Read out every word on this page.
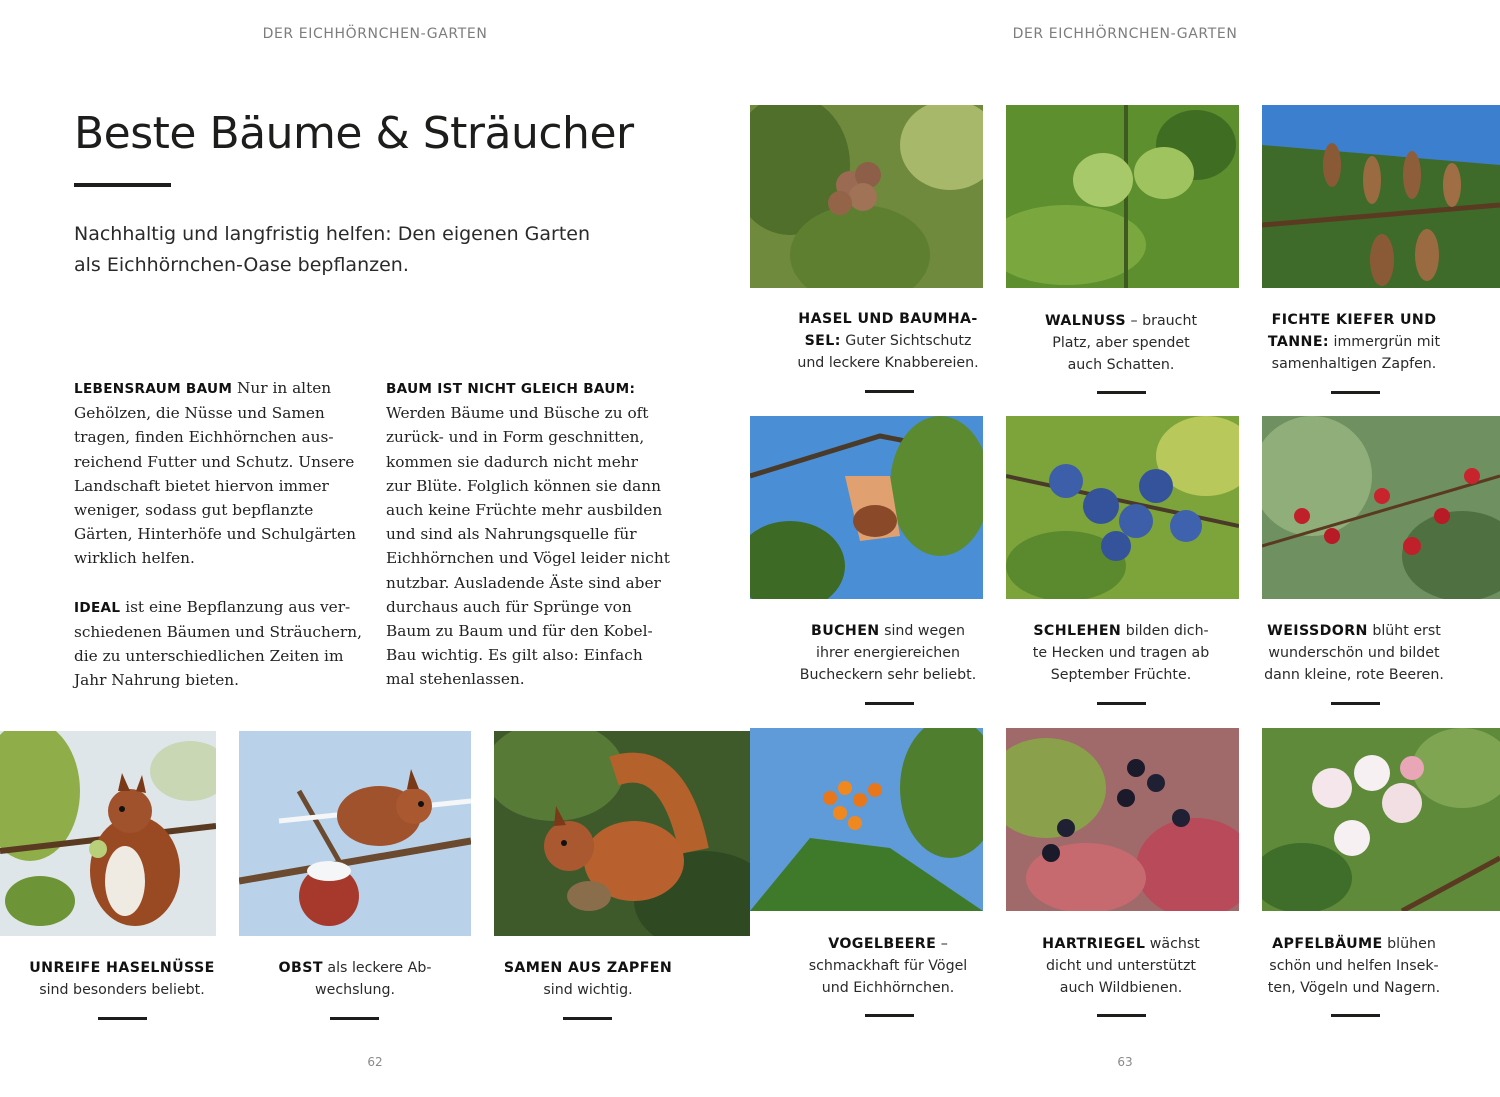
DER EICHHÖRNCHEN-GARTEN	DER EICHHÖRNCHEN-GARTEN
Beste Bäume & Sträucher
Nachhaltig und langfristig helfen: Den eigenen Garten
als Eichhörnchen-Oase bepflanzen.

LEBENSRAUM BAUM Nur in alten
Gehölzen, die Nüsse und Samen
tragen, finden Eichhörnchen aus-
reichend Futter und Schutz. Unsere
Landschaft bietet hiervon immer
weniger, sodass gut bepflanzte
Gärten, Hinterhöfe und Schulgärten
wirklich helfen.

IDEAL ist eine Bepflanzung aus ver-
schiedenen Bäumen und Sträuchern,
die zu unterschiedlichen Zeiten im
Jahr Nahrung bieten.

BAUM IST NICHT GLEICH BAUM:
Werden Bäume und Büsche zu oft
zurück- und in Form geschnitten,
kommen sie dadurch nicht mehr
zur Blüte. Folglich können sie dann
auch keine Früchte mehr ausbilden
und sind als Nahrungsquelle für
Eichhörnchen und Vögel leider nicht
nutzbar. Ausladende Äste sind aber
durchaus auch für Sprünge von
Baum zu Baum und für den Kobel-
Bau wichtig. Es gilt also: Einfach
mal stehenlassen.

UNREIFE HASELNÜSSE
sind besonders beliebt.
OBST als leckere Ab-
wechslung.
SAMEN AUS ZAPFEN
sind wichtig.
62
HASEL UND BAUMHA-
SEL: Guter Sichtschutz
und leckere Knabbereien.
WALNUSS – braucht
Platz, aber spendet
auch Schatten.
FICHTE KIEFER UND
TANNE: immergrün mit
samenhaltigen Zapfen.
BUCHEN sind wegen
ihrer energiereichen
Bucheckern sehr beliebt.
SCHLEHEN bilden dich-
te Hecken und tragen ab
September Früchte.
WEISSDORN blüht erst
wunderschön und bildet
dann kleine, rote Beeren.
VOGELBEERE –
schmackhaft für Vögel
und Eichhörnchen.
HARTRIEGEL wächst
dicht und unterstützt
auch Wildbienen.
APFELBÄUME blühen
schön und helfen Insek-
ten, Vögeln und Nagern.
63
